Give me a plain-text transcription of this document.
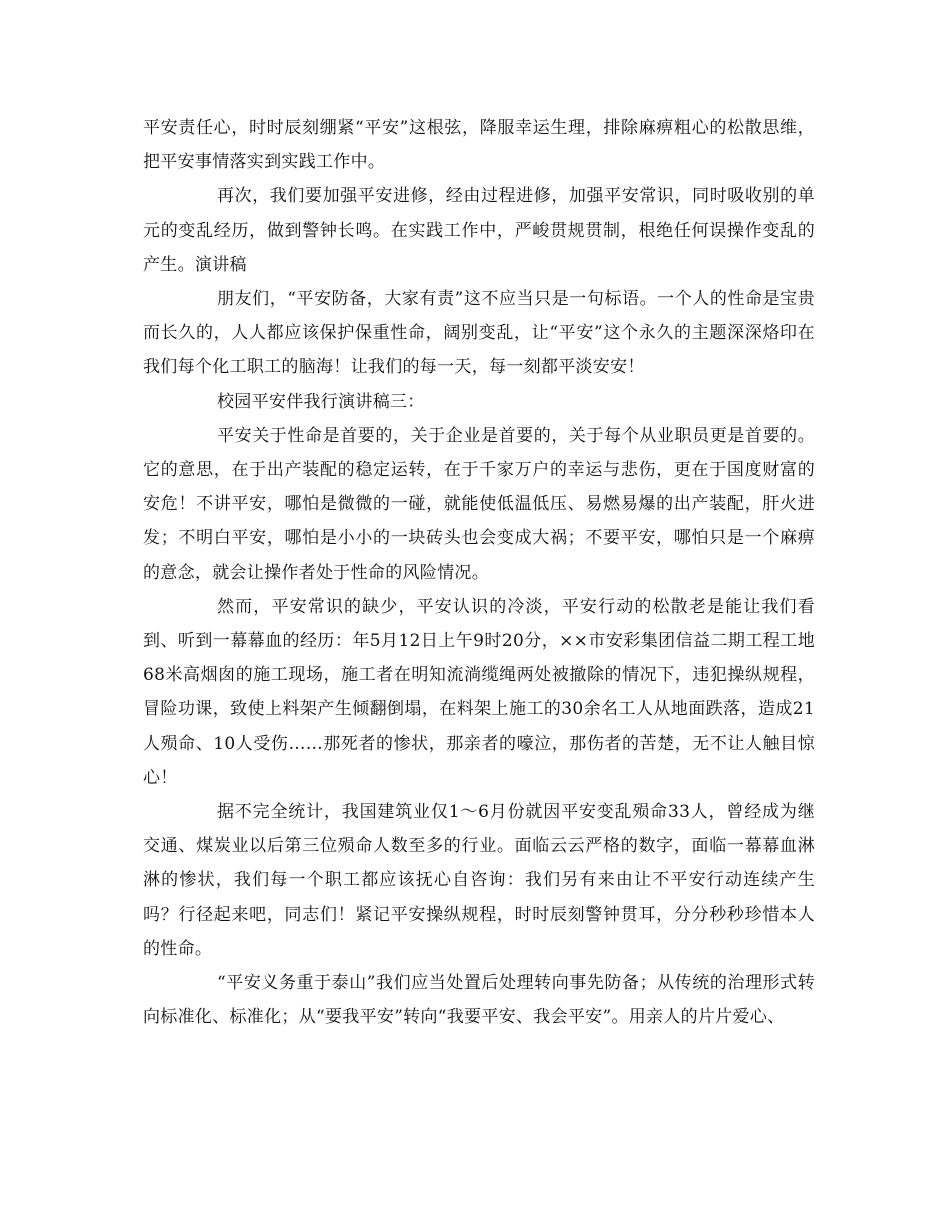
平安责任心，时时辰刻绷紧“平安”这根弦，降服幸运生理，排除麻痹粗心的松散思维，把平安事情落实到实践工作中。

再次，我们要加强平安进修，经由过程进修，加强平安常识，同时吸收别的单元的变乱经历，做到警钟长鸣。在实践工作中，严峻贯规贯制，根绝任何误操作变乱的产生。演讲稿

朋友们，“平安防备，大家有责”这不应当只是一句标语。一个人的性命是宝贵而长久的，人人都应该保护保重性命，阔别变乱，让“平安”这个永久的主题深深烙印在我们每个化工职工的脑海！让我们的每一天，每一刻都平淡安安！

校园平安伴我行演讲稿三：

平安关于性命是首要的，关于企业是首要的，关于每个从业职员更是首要的。它的意思，在于出产装配的稳定运转，在于千家万户的幸运与悲伤，更在于国度财富的安危！不讲平安，哪怕是微微的一碰，就能使低温低压、易燃易爆的出产装配，肝火进发；不明白平安，哪怕是小小的一块砖头也会变成大祸；不要平安，哪怕只是一个麻痹的意念，就会让操作者处于性命的风险情况。

然而，平安常识的缺少，平安认识的冷淡，平安行动的松散老是能让我们看到、听到一幕幕血的经历：年5月12日上午9时20分，××市安彩集团信益二期工程工地68米高烟囱的施工现场，施工者在明知流淌缆绳两处被撤除的情况下，违犯操纵规程，冒险功课，致使上料架产生倾翻倒塌，在料架上施工的30余名工人从地面跌落，造成21人殒命、10人受伤……那死者的惨状，那亲者的嚎泣，那伤者的苦楚，无不让人触目惊心！

据不完全统计，我国建筑业仅1～6月份就因平安变乱殒命33人，曾经成为继交通、煤炭业以后第三位殒命人数至多的行业。面临云云严格的数字，面临一幕幕血淋淋的惨状，我们每一个职工都应该抚心自咨询：我们另有来由让不平安行动连续产生吗？行径起来吧，同志们！紧记平安操纵规程，时时辰刻警钟贯耳，分分秒秒珍惜本人的性命。

“平安义务重于泰山”我们应当处置后处理转向事先防备；从传统的治理形式转向标准化、标准化；从“要我平安”转向“我要平安、我会平安”。用亲人的片片爱心、
